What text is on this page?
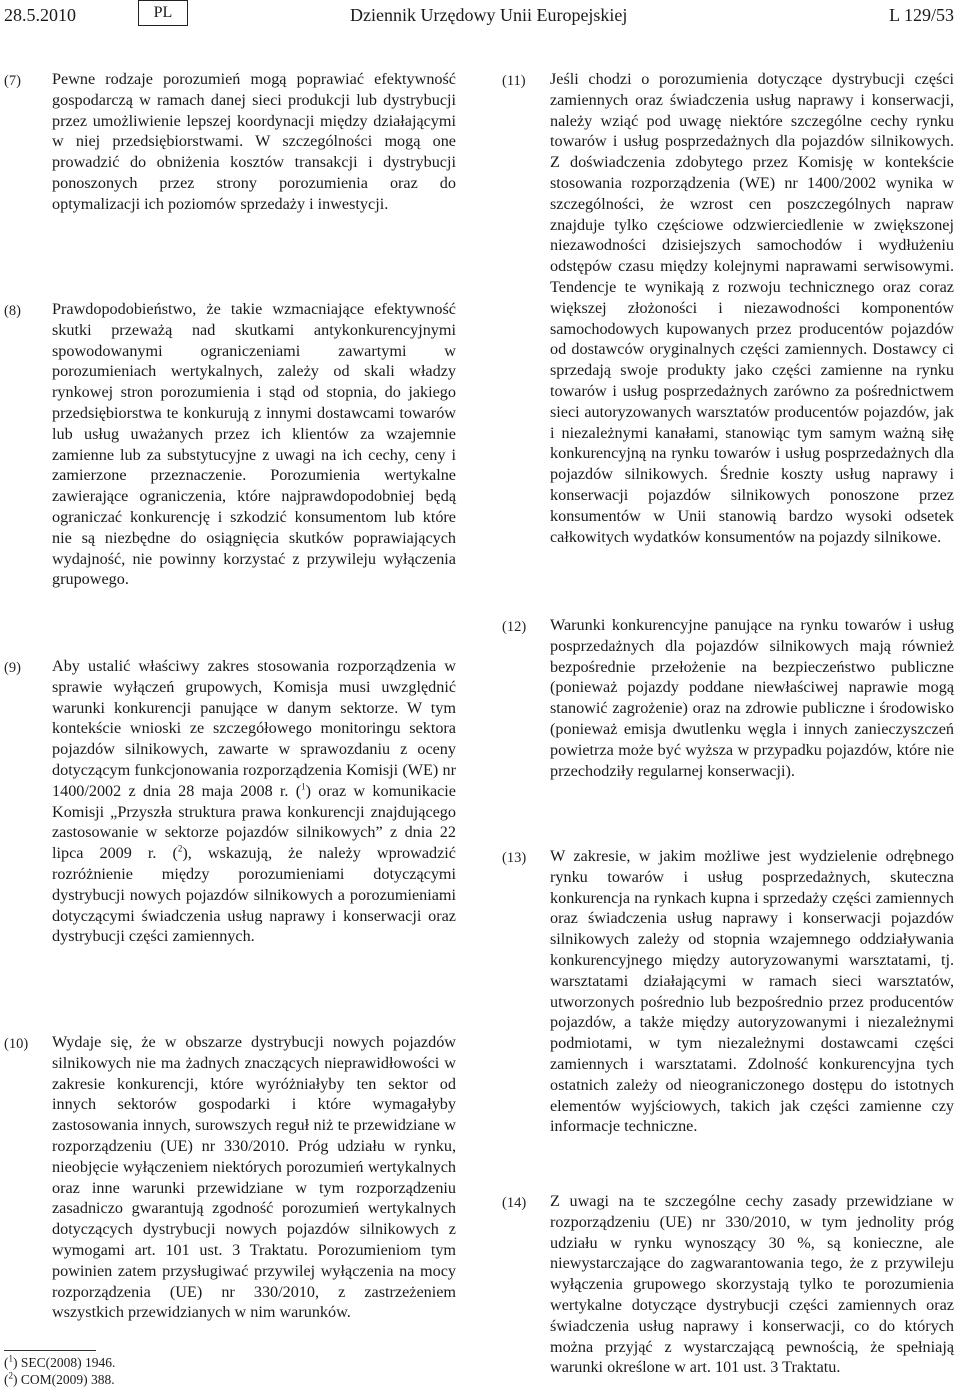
28.5.2010	PL	Dziennik Urzędowy Unii Europejskiej	L 129/53
(7) Pewne rodzaje porozumień mogą poprawiać efektywność gospodarczą w ramach danej sieci produkcji lub dystrybucji przez umożliwienie lepszej koordynacji między działającymi w niej przedsiębiorstwami. W szczególności mogą one prowadzić do obniżenia kosztów transakcji i dystrybucji ponoszonych przez strony porozumienia oraz do optymalizacji ich poziomów sprzedaży i inwestycji.
(8) Prawdopodobieństwo, że takie wzmacniające efektywność skutki przeważą nad skutkami antykonkurencyjnymi spowodowanymi ograniczeniami zawartymi w porozumieniach wertykalnych, zależy od skali władzy rynkowej stron porozumienia i stąd od stopnia, do jakiego przedsiębiorstwa te konkurują z innymi dostawcami towarów lub usług uważanych przez ich klientów za wzajemnie zamienne lub za substytucyjne z uwagi na ich cechy, ceny i zamierzone przeznaczenie. Porozumienia wertykalne zawierające ograniczenia, które najprawdopodobniej będą ograniczać konkurencję i szkodzić konsumentom lub które nie są niezbędne do osiągnięcia skutków poprawiających wydajność, nie powinny korzystać z przywileju wyłączenia grupowego.
(9) Aby ustalić właściwy zakres stosowania rozporządzenia w sprawie wyłączeń grupowych, Komisja musi uwzględnić warunki konkurencji panujące w danym sektorze. W tym kontekście wnioski ze szczegółowego monitoringu sektora pojazdów silnikowych, zawarte w sprawozdaniu z oceny dotyczącym funkcjonowania rozporządzenia Komisji (WE) nr 1400/2002 z dnia 28 maja 2008 r. ($^1$) oraz w komunikacie Komisji „Przyszła struktura prawa konkurencji znajdującego zastosowanie w sektorze pojazdów silnikowych” z dnia 22 lipca 2009 r. ($^2$), wskazują, że należy wprowadzić rozróżnienie między porozumieniami dotyczącymi dystrybucji nowych pojazdów silnikowych a porozumieniami dotyczącymi świadczenia usług naprawy i konserwacji oraz dystrybucji części zamiennych.
(10) Wydaje się, że w obszarze dystrybucji nowych pojazdów silnikowych nie ma żadnych znaczących nieprawidłowości w zakresie konkurencji, które wyróżniałyby ten sektor od innych sektorów gospodarki i które wymagałyby zastosowania innych, surowszych reguł niż te przewidziane w rozporządzeniu (UE) nr 330/2010. Próg udziału w rynku, nieobjęcie wyłączeniem niektórych porozumień wertykalnych oraz inne warunki przewidziane w tym rozporządzeniu zasadniczo gwarantują zgodność porozumień wertykalnych dotyczących dystrybucji nowych pojazdów silnikowych z wymogami art. 101 ust. 3 Traktatu. Porozumieniom tym powinien zatem przysługiwać przywilej wyłączenia na mocy rozporządzenia (UE) nr 330/2010, z zastrzeżeniem wszystkich przewidzianych w nim warunków.
(11) Jeśli chodzi o porozumienia dotyczące dystrybucji części zamiennych oraz świadczenia usług naprawy i konserwacji, należy wziąć pod uwagę niektóre szczególne cechy rynku towarów i usług posprzedażnych dla pojazdów silnikowych. Z doświadczenia zdobytego przez Komisję w kontekście stosowania rozporządzenia (WE) nr 1400/2002 wynika w szczególności, że wzrost cen poszczególnych napraw znajduje tylko częściowe odzwierciedlenie w zwiększonej niezawodności dzisiejszych samochodów i wydłużeniu odstępów czasu między kolejnymi naprawami serwisowymi. Tendencje te wynikają z rozwoju technicznego oraz coraz większej złożoności i niezawodności komponentów samochodowych kupowanych przez producentów pojazdów od dostawców oryginalnych części zamiennych. Dostawcy ci sprzedają swoje produkty jako części zamienne na rynku towarów i usług posprzedażnych zarówno za pośrednictwem sieci autoryzowanych warsztatów producentów pojazdów, jak i niezależnymi kanałami, stanowiąc tym samym ważną siłę konkurencyjną na rynku towarów i usług posprzedażnych dla pojazdów silnikowych. Średnie koszty usług naprawy i konserwacji pojazdów silnikowych ponoszone przez konsumentów w Unii stanowią bardzo wysoki odsetek całkowitych wydatków konsumentów na pojazdy silnikowe.
(12) Warunki konkurencyjne panujące na rynku towarów i usług posprzedażnych dla pojazdów silnikowych mają również bezpośrednie przełożenie na bezpieczeństwo publiczne (ponieważ pojazdy poddane niewłaściwej naprawie mogą stanowić zagrożenie) oraz na zdrowie publiczne i środowisko (ponieważ emisja dwutlenku węgla i innych zanieczyszczeń powietrza może być wyższa w przypadku pojazdów, które nie przechodziły regularnej konserwacji).
(13) W zakresie, w jakim możliwe jest wydzielenie odrębnego rynku towarów i usług posprzedażnych, skuteczna konkurencja na rynkach kupna i sprzedaży części zamiennych oraz świadczenia usług naprawy i konserwacji pojazdów silnikowych zależy od stopnia wzajemnego oddziaływania konkurencyjnego między autoryzowanymi warsztatami, tj. warsztatami działającymi w ramach sieci warsztatów, utworzonych pośrednio lub bezpośrednio przez producentów pojazdów, a także między autoryzowanymi i niezależnymi podmiotami, w tym niezależnymi dostawcami części zamiennych i warsztatami. Zdolność konkurencyjna tych ostatnich zależy od nieograniczonego dostępu do istotnych elementów wyjściowych, takich jak części zamienne czy informacje techniczne.
(14) Z uwagi na te szczególne cechy zasady przewidziane w rozporządzeniu (UE) nr 330/2010, w tym jednolity próg udziału w rynku wynoszący 30 %, są konieczne, ale niewystarczające do zagwarantowania tego, że z przywileju wyłączenia grupowego skorzystają tylko te porozumienia wertykalne dotyczące dystrybucji części zamiennych oraz świadczenia usług naprawy i konserwacji, co do których można przyjąć z wystarczającą pewnością, że spełniają warunki określone w art. 101 ust. 3 Traktatu.
($^1$) SEC(2008) 1946.
($^2$) COM(2009) 388.
